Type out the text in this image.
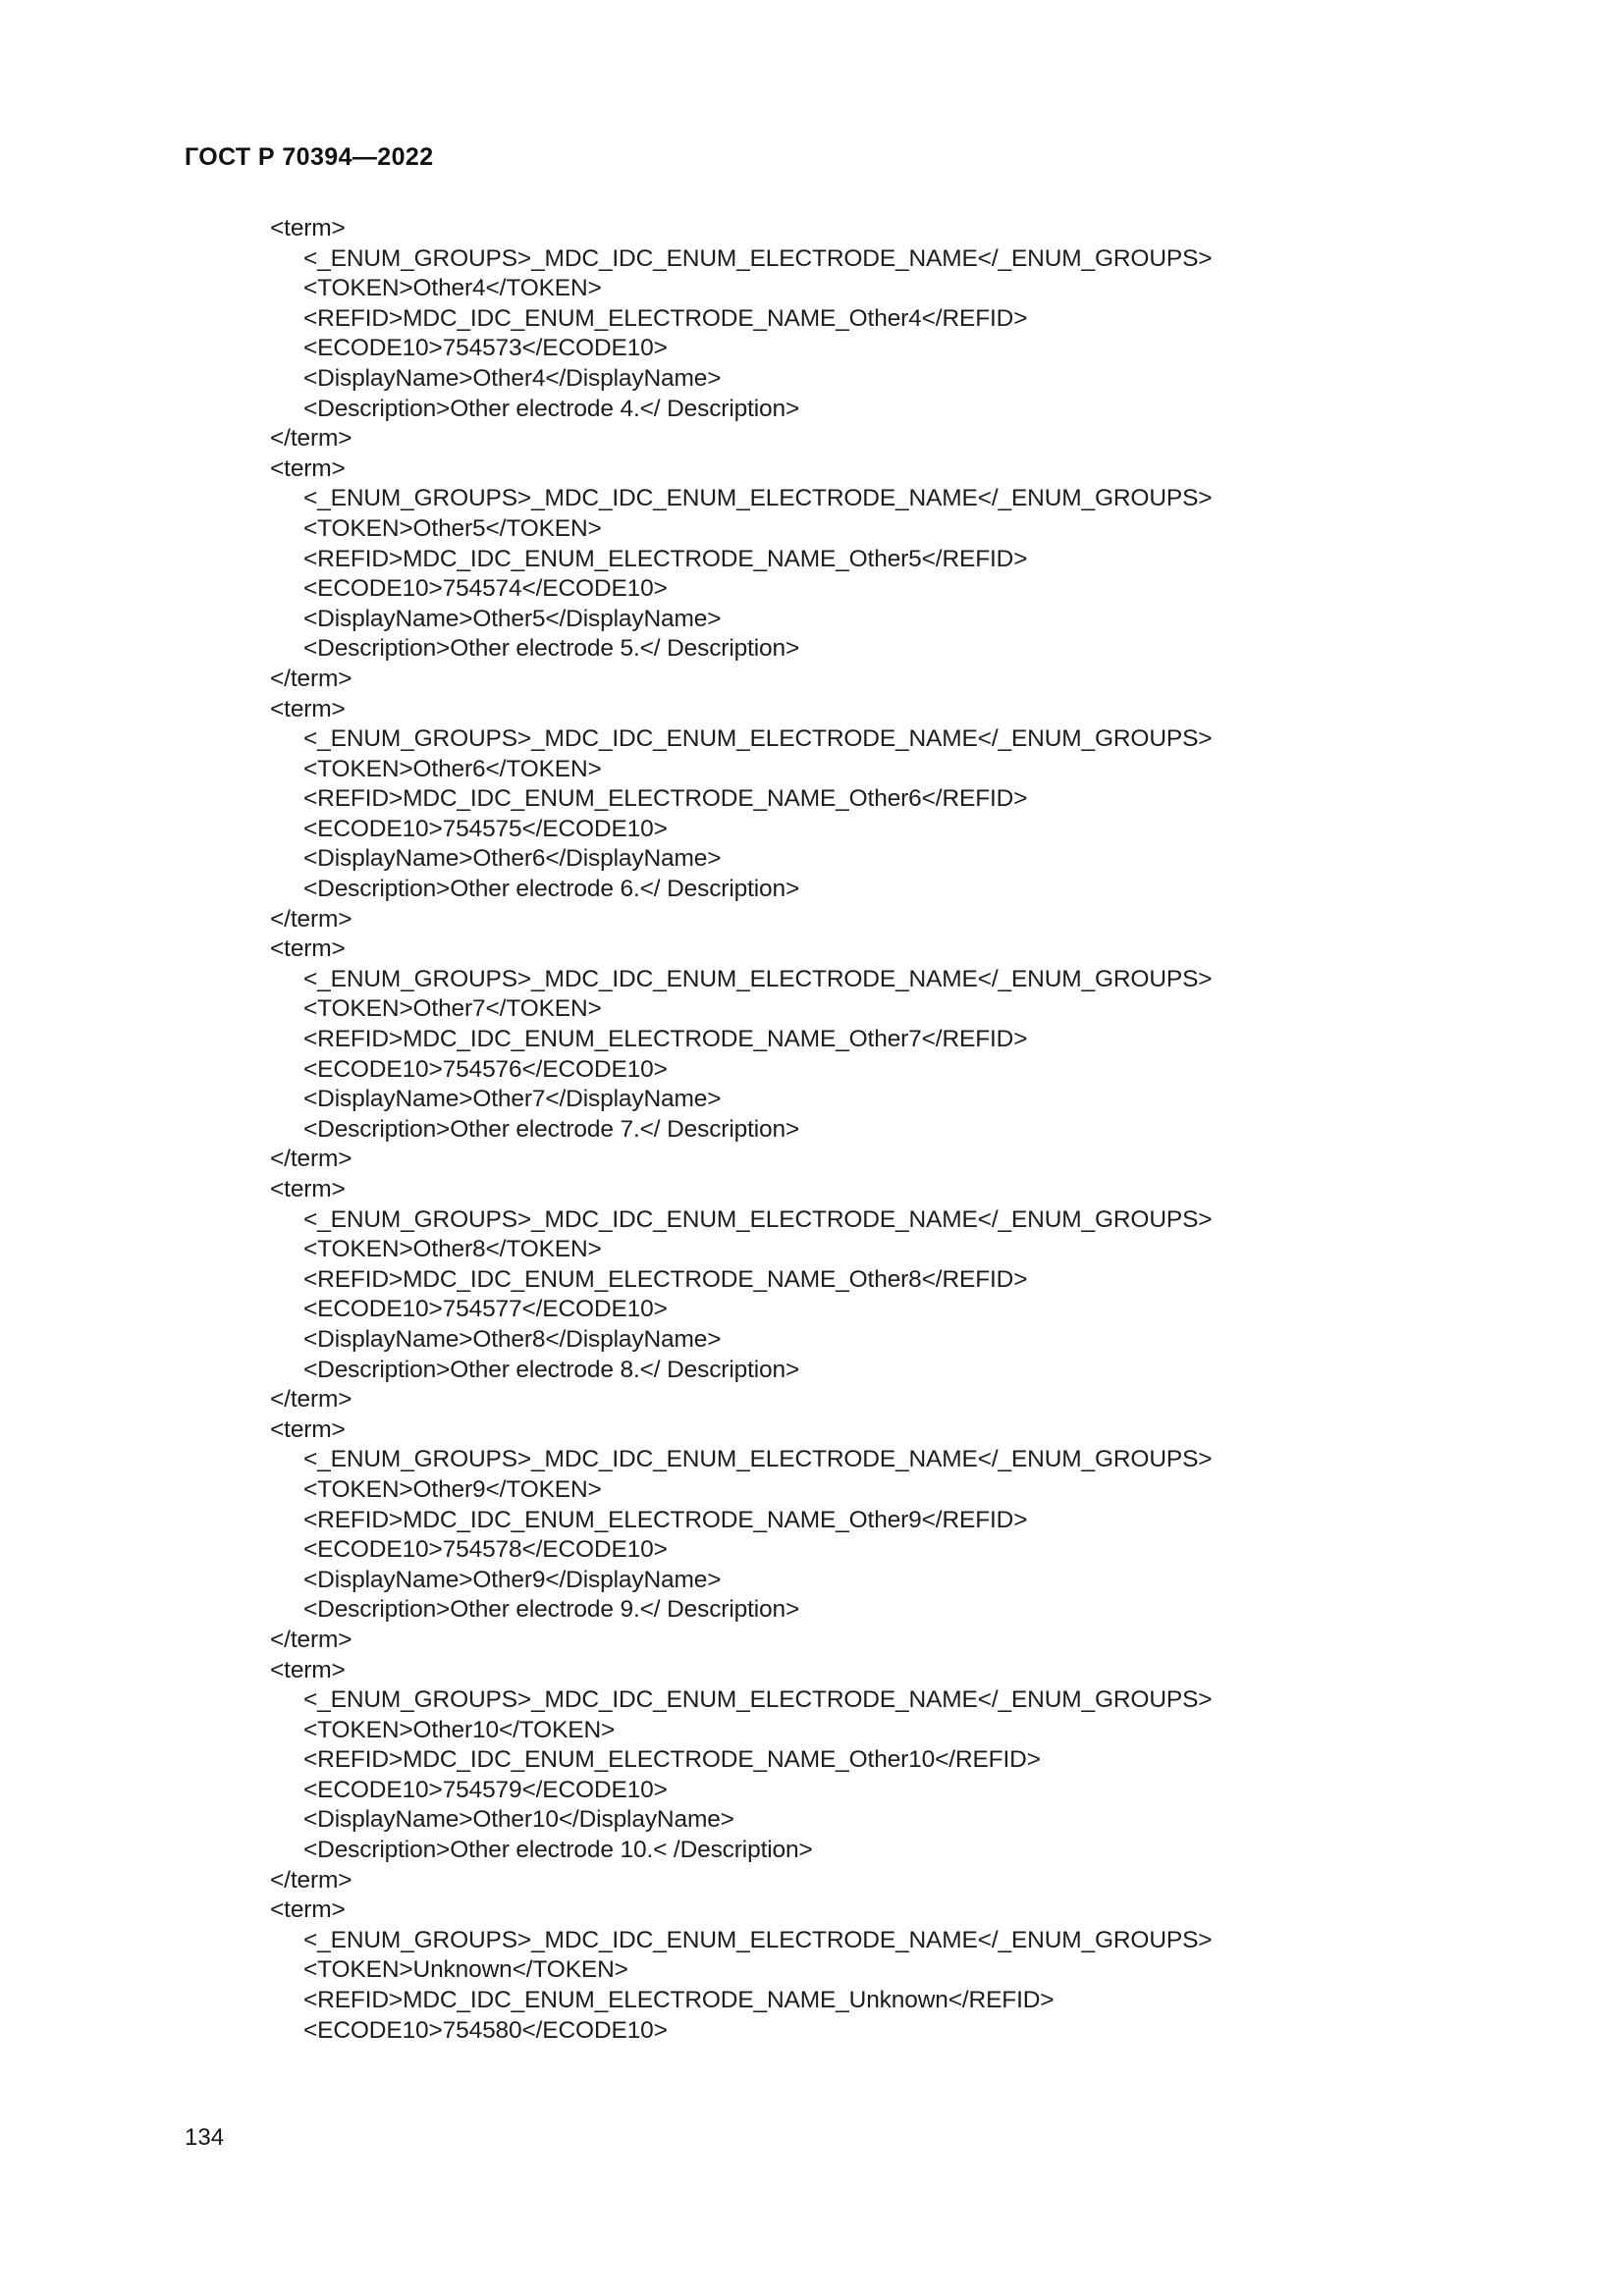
ГОСТ Р 70394—2022
<term>
<_ENUM_GROUPS>_MDC_IDC_ENUM_ELECTRODE_NAME</_ENUM_GROUPS>
<TOKEN>Other4</TOKEN>
<REFID>MDC_IDC_ENUM_ELECTRODE_NAME_Other4</REFID>
<ECODE10>754573</ECODE10>
<DisplayName>Other4</DisplayName>
<Description>Other electrode 4.</ Description>
</term>
<term>
<_ENUM_GROUPS>_MDC_IDC_ENUM_ELECTRODE_NAME</_ENUM_GROUPS>
<TOKEN>Other5</TOKEN>
<REFID>MDC_IDC_ENUM_ELECTRODE_NAME_Other5</REFID>
<ECODE10>754574</ECODE10>
<DisplayName>Other5</DisplayName>
<Description>Other electrode 5.</ Description>
</term>
<term>
<_ENUM_GROUPS>_MDC_IDC_ENUM_ELECTRODE_NAME</_ENUM_GROUPS>
<TOKEN>Other6</TOKEN>
<REFID>MDC_IDC_ENUM_ELECTRODE_NAME_Other6</REFID>
<ECODE10>754575</ECODE10>
<DisplayName>Other6</DisplayName>
<Description>Other electrode 6.</ Description>
</term>
<term>
<_ENUM_GROUPS>_MDC_IDC_ENUM_ELECTRODE_NAME</_ENUM_GROUPS>
<TOKEN>Other7</TOKEN>
<REFID>MDC_IDC_ENUM_ELECTRODE_NAME_Other7</REFID>
<ECODE10>754576</ECODE10>
<DisplayName>Other7</DisplayName>
<Description>Other electrode 7.</ Description>
</term>
<term>
<_ENUM_GROUPS>_MDC_IDC_ENUM_ELECTRODE_NAME</_ENUM_GROUPS>
<TOKEN>Other8</TOKEN>
<REFID>MDC_IDC_ENUM_ELECTRODE_NAME_Other8</REFID>
<ECODE10>754577</ECODE10>
<DisplayName>Other8</DisplayName>
<Description>Other electrode 8.</ Description>
</term>
<term>
<_ENUM_GROUPS>_MDC_IDC_ENUM_ELECTRODE_NAME</_ENUM_GROUPS>
<TOKEN>Other9</TOKEN>
<REFID>MDC_IDC_ENUM_ELECTRODE_NAME_Other9</REFID>
<ECODE10>754578</ECODE10>
<DisplayName>Other9</DisplayName>
<Description>Other electrode 9.</ Description>
</term>
<term>
<_ENUM_GROUPS>_MDC_IDC_ENUM_ELECTRODE_NAME</_ENUM_GROUPS>
<TOKEN>Other10</TOKEN>
<REFID>MDC_IDC_ENUM_ELECTRODE_NAME_Other10</REFID>
<ECODE10>754579</ECODE10>
<DisplayName>Other10</DisplayName>
<Description>Other electrode 10.< /Description>
</term>
<term>
<_ENUM_GROUPS>_MDC_IDC_ENUM_ELECTRODE_NAME</_ENUM_GROUPS>
<TOKEN>Unknown</TOKEN>
<REFID>MDC_IDC_ENUM_ELECTRODE_NAME_Unknown</REFID>
<ECODE10>754580</ECODE10>
134
